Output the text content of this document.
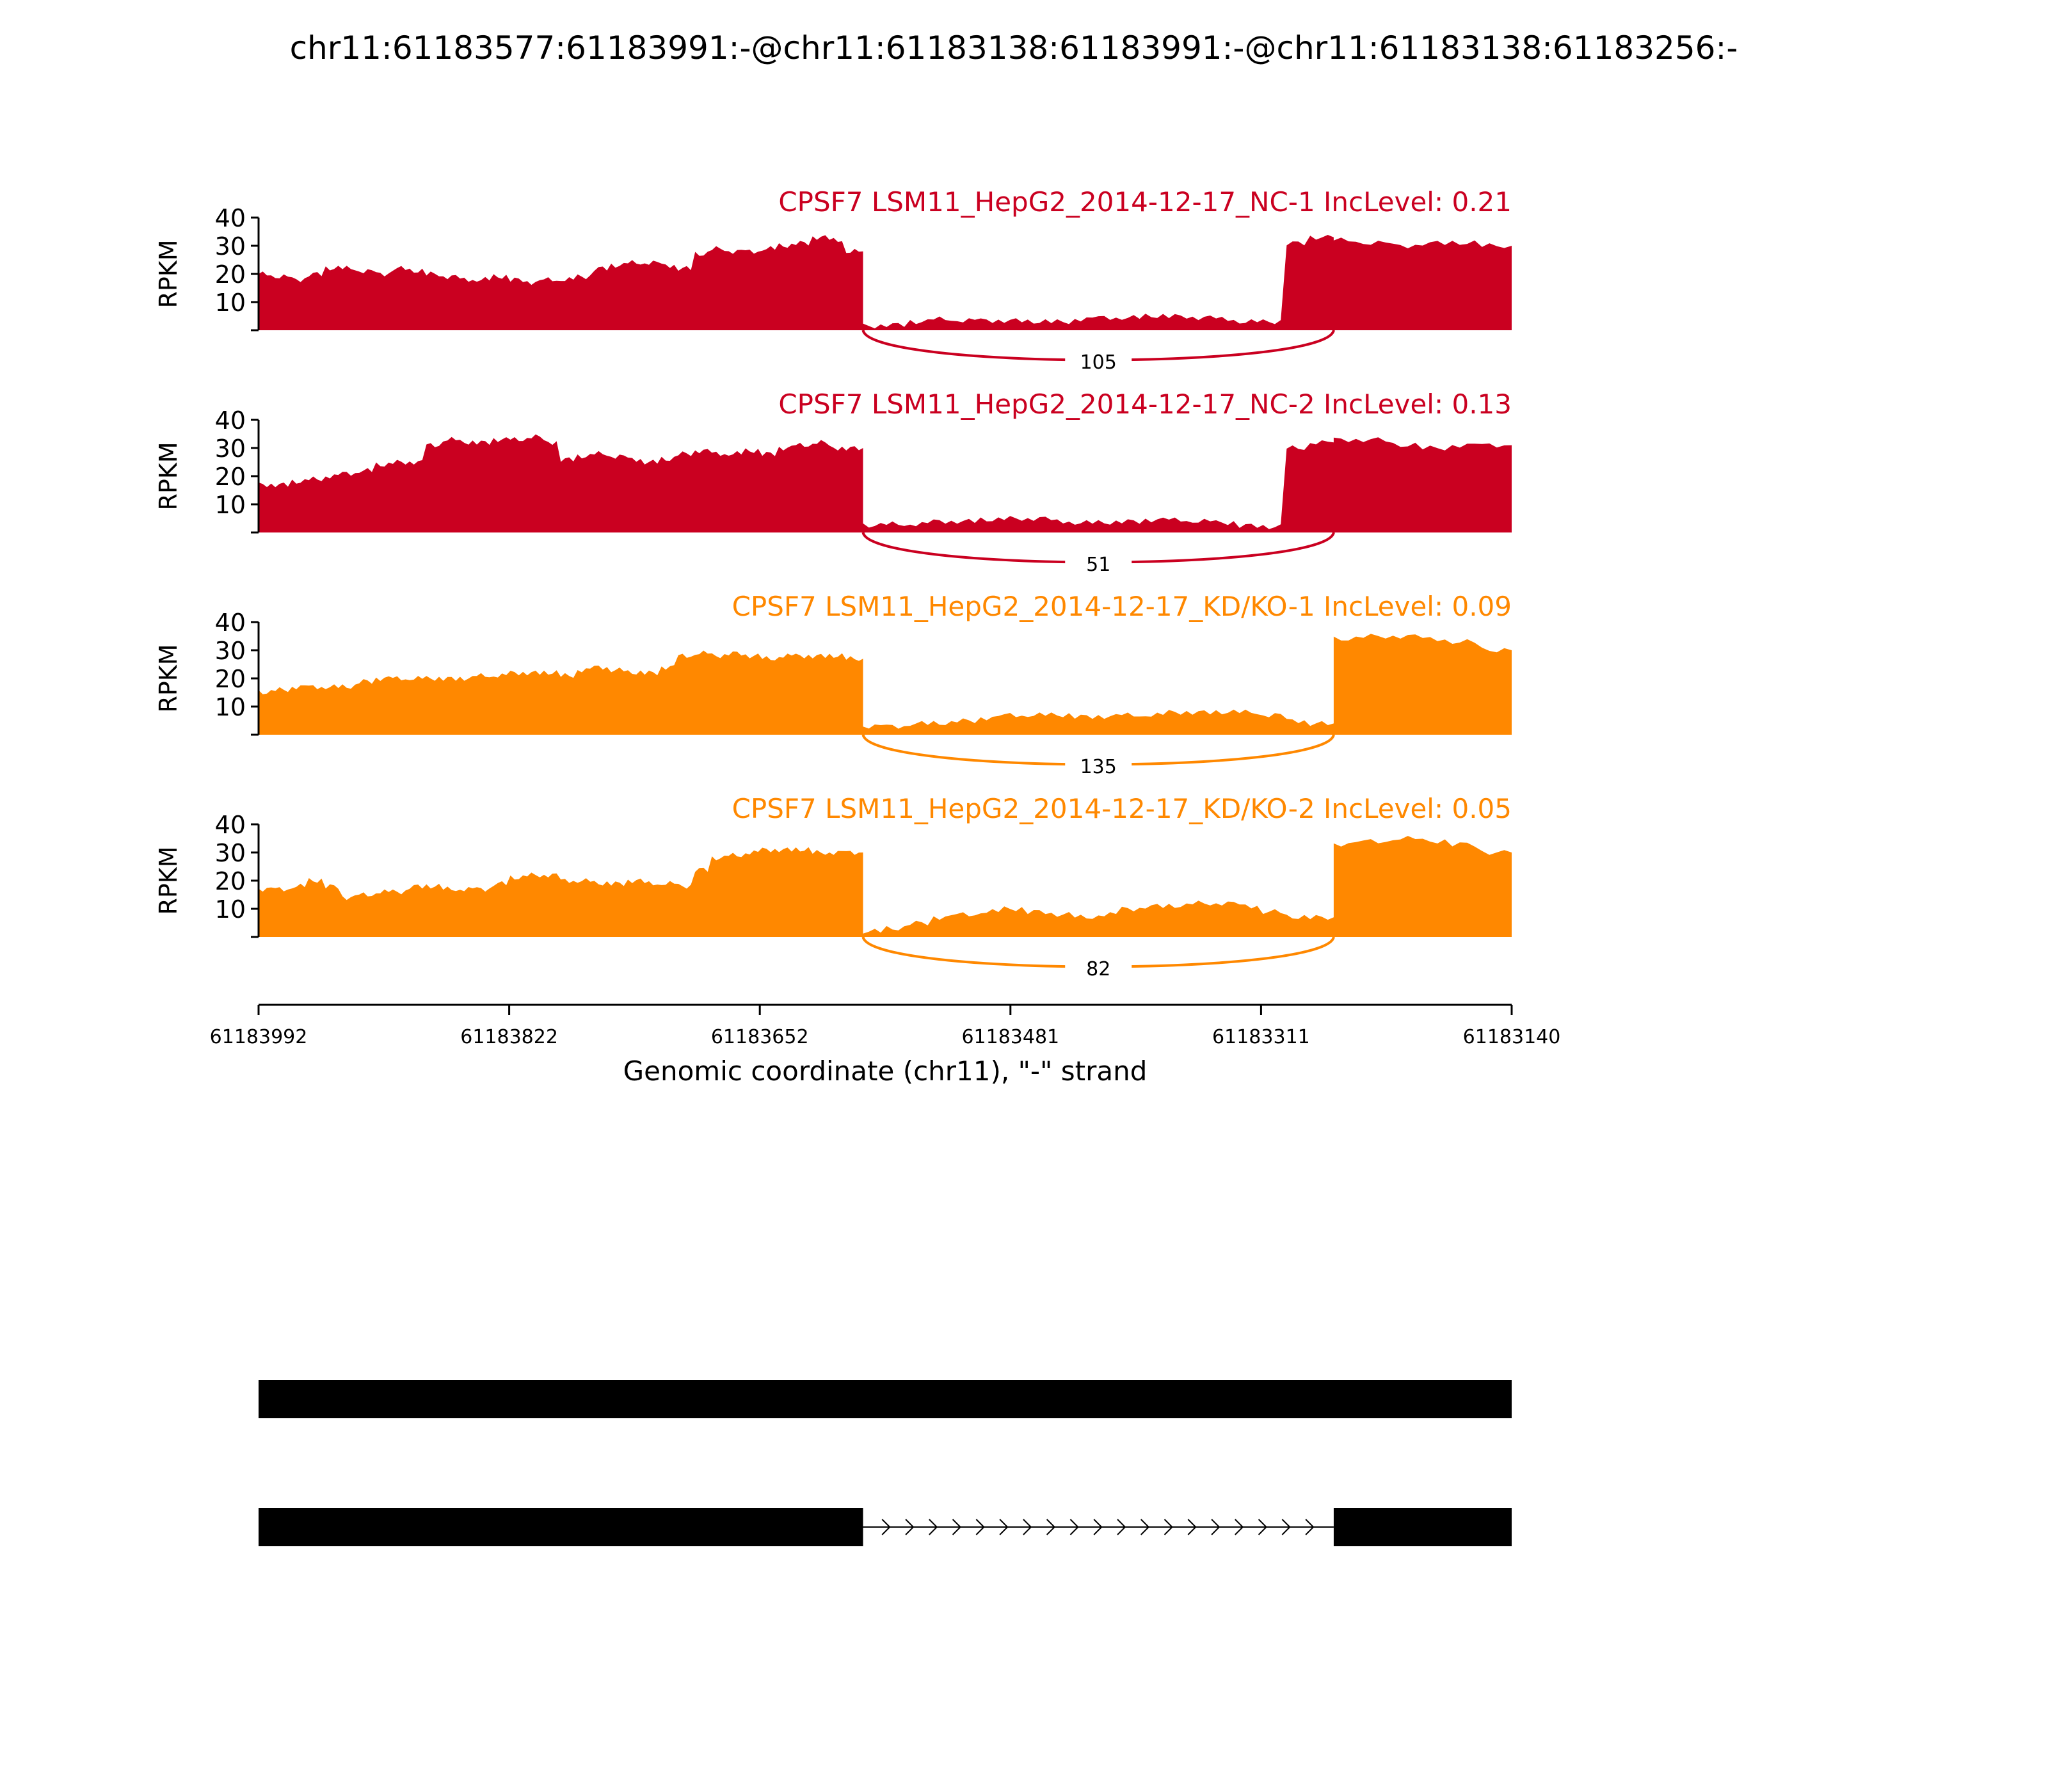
chr11:61183577:61183991:-@chr11:61183138:61183991:-@chr11:61183138:61183256:-
10
20
30
40
RPKM
CPSF7 LSM11_HepG2_2014-12-17_NC-1 IncLevel: 0.21
105
10
20
30
40
RPKM
CPSF7 LSM11_HepG2_2014-12-17_NC-2 IncLevel: 0.13
51
10
20
30
40
RPKM
CPSF7 LSM11_HepG2_2014-12-17_KD/KO-1 IncLevel: 0.09
135
10
20
30
40
RPKM
CPSF7 LSM11_HepG2_2014-12-17_KD/KO-2 IncLevel: 0.05
82
61183992	61183822	61183652	61183481	61183311	61183140
Genomic coordinate (chr11), "-" strand
